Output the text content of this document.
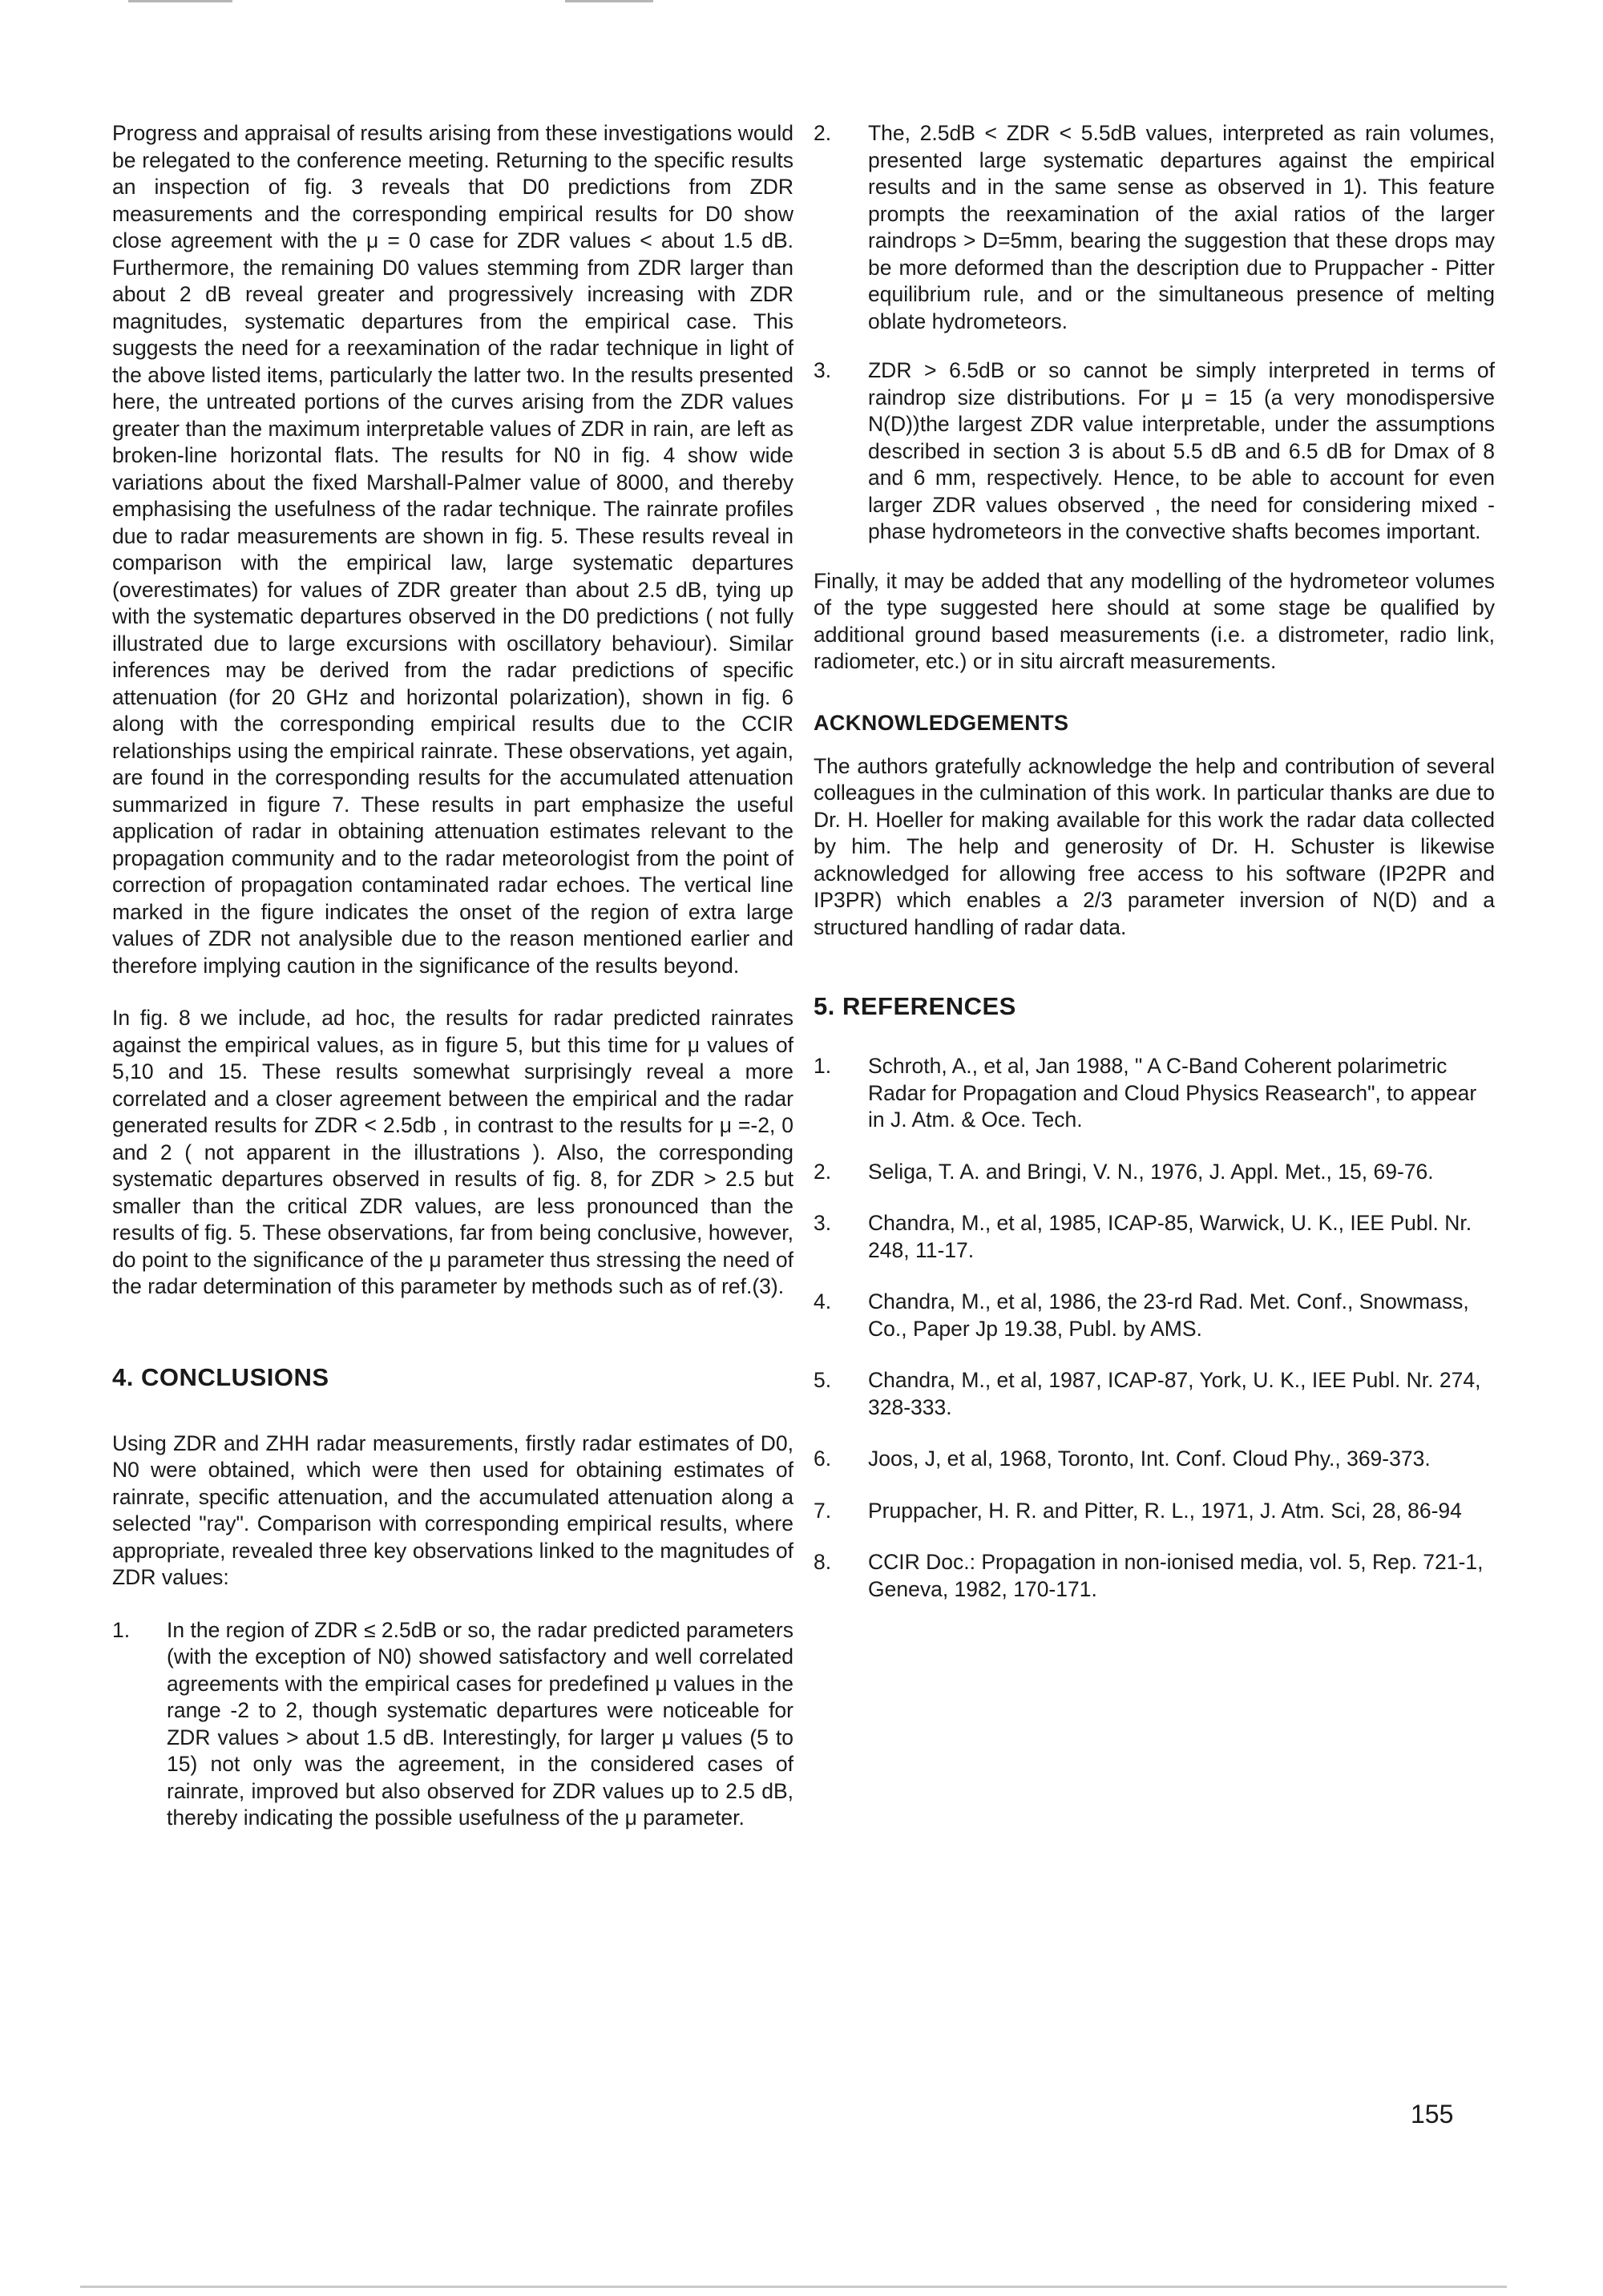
Progress and appraisal of results arising from these investigations would be relegated to the conference meeting. Returning to the specific results an inspection of fig. 3 reveals that D0 predictions from ZDR measurements and the corresponding empirical results for D0 show close agreement with the μ = 0 case for ZDR values < about 1.5 dB. Furthermore, the remaining D0 values stemming from ZDR larger than about 2 dB reveal greater and progressively increasing with ZDR magnitudes, systematic departures from the empirical case. This suggests the need for a reexamination of the radar technique in light of the above listed items, particularly the latter two. In the results presented here, the untreated portions of the curves arising from the ZDR values greater than the maximum interpretable values of ZDR in rain, are left as broken-line horizontal flats. The results for N0 in fig. 4 show wide variations about the fixed Marshall-Palmer value of 8000, and thereby emphasising the usefulness of the radar technique. The rainrate profiles due to radar measurements are shown in fig. 5. These results reveal in comparison with the empirical law, large systematic departures (overestimates) for values of ZDR greater than about 2.5 dB, tying up with the systematic departures observed in the D0 predictions ( not fully illustrated due to large excursions with oscillatory behaviour). Similar inferences may be derived from the radar predictions of specific attenuation (for 20 GHz and horizontal polarization), shown in fig. 6 along with the corresponding empirical results due to the CCIR relationships using the empirical rainrate. These observations, yet again, are found in the corresponding results for the accumulated attenuation summarized in figure 7. These results in part emphasize the useful application of radar in obtaining attenuation estimates relevant to the propagation community and to the radar meteorologist from the point of correction of propagation contaminated radar echoes. The vertical line marked in the figure indicates the onset of the region of extra large values of ZDR not analysible due to the reason mentioned earlier and therefore implying caution in the significance of the results beyond.

In fig. 8 we include, ad hoc, the results for radar predicted rainrates against the empirical values, as in figure 5, but this time for μ values of 5,10 and 15. These results somewhat surprisingly reveal a more correlated and a closer agreement between the empirical and the radar generated results for ZDR < 2.5db , in contrast to the results for μ =-2, 0 and 2 ( not apparent in the illustrations ). Also, the corresponding systematic departures observed in results of fig. 8, for ZDR > 2.5 but smaller than the critical ZDR values, are less pronounced than the results of fig. 5. These observations, far from being conclusive, however, do point to the significance of the μ parameter thus stressing the need of the radar determination of this parameter by methods such as of ref.(3).

4. CONCLUSIONS

Using ZDR and ZHH radar measurements, firstly radar estimates of D0, N0 were obtained, which were then used for obtaining estimates of rainrate, specific attenuation, and the accumulated attenuation along a selected "ray". Comparison with corresponding empirical results, where appropriate, revealed three key observations linked to the magnitudes of ZDR values:

1. In the region of ZDR ≤ 2.5dB or so, the radar predicted parameters (with the exception of N0) showed satisfactory and well correlated agreements with the empirical cases for predefined μ values in the range -2 to 2, though systematic departures were noticeable for ZDR values > about 1.5 dB. Interestingly, for larger μ values (5 to 15) not only was the agreement, in the considered cases of rainrate, improved but also observed for ZDR values up to 2.5 dB, thereby indicating the possible usefulness of the μ parameter.
2. The, 2.5dB < ZDR < 5.5dB values, interpreted as rain volumes, presented large systematic departures against the empirical results and in the same sense as observed in 1). This feature prompts the reexamination of the axial ratios of the larger raindrops > D=5mm, bearing the suggestion that these drops may be more deformed than the description due to Pruppacher - Pitter equilibrium rule, and or the simultaneous presence of melting oblate hydrometeors.
3. ZDR > 6.5dB or so cannot be simply interpreted in terms of raindrop size distributions. For μ = 15 (a very monodispersive N(D))the largest ZDR value interpretable, under the assumptions described in section 3 is about 5.5 dB and 6.5 dB for Dmax of 8 and 6 mm, respectively. Hence, to be able to account for even larger ZDR values observed , the need for considering mixed - phase hydrometeors in the convective shafts becomes important.

Finally, it may be added that any modelling of the hydrometeor volumes of the type suggested here should at some stage be qualified by additional ground based measurements (i.e. a distrometer, radio link, radiometer, etc.) or in situ aircraft measurements.

ACKNOWLEDGEMENTS

The authors gratefully acknowledge the help and contribution of several colleagues in the culmination of this work. In particular thanks are due to Dr. H. Hoeller for making available for this work the radar data collected by him. The help and generosity of Dr. H. Schuster is likewise acknowledged for allowing free access to his software (IP2PR and IP3PR) which enables a 2/3 parameter inversion of N(D) and a structured handling of radar data.

5. REFERENCES
1. Schroth, A., et al, Jan 1988, " A C-Band Coherent polarimetric Radar for Propagation and Cloud Physics Reasearch", to appear in J. Atm. & Oce. Tech.
2. Seliga, T. A. and Bringi, V. N., 1976, J. Appl. Met., 15, 69-76.
3. Chandra, M., et al, 1985, ICAP-85, Warwick, U. K., IEE Publ. Nr. 248, 11-17.
4. Chandra, M., et al, 1986, the 23-rd Rad. Met. Conf., Snowmass, Co., Paper Jp 19.38, Publ. by AMS.
5. Chandra, M., et al, 1987, ICAP-87, York, U. K., IEE Publ. Nr. 274, 328-333.
6. Joos, J, et al, 1968, Toronto, Int. Conf. Cloud Phy., 369-373.
7. Pruppacher, H. R. and Pitter, R. L., 1971, J. Atm. Sci, 28, 86-94
8. CCIR Doc.: Propagation in non-ionised media, vol. 5, Rep. 721-1, Geneva, 1982, 170-171.
155
